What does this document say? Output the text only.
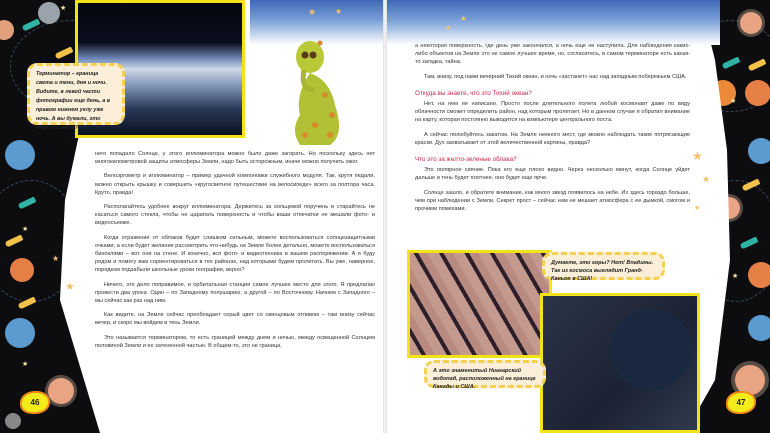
★
★
★
★
★
★ ★
★
★
★
★
★
★
★
Терминатор – граница света и тени, дня и ночи. Видите, в левой части фотографии еще день, а в правом нижнем углу уже ночь. А вы думали, это дефект кадра?

него попадало Солнце, у этого иллюминатора можно было даже загорать. Но поскольку здесь нет многокилометровой защиты атмосферы Земли, надо быть осторожным, иначе можно получить ожог.

Велоэргометр и иллюминатор – пример удачной компоновки служебного модуля. Так, крутя педали, можно открыть крышку и совершить «кругосветное путешествие на велосипеде» всего за полтора часа. Круто, правда!

Располагайтесь удобнее вокруг иллюминатора. Держитесь за кольцевой поручень и старайтесь не касаться самого стекла, чтобы не царапать поверхность и чтобы ваши отпечатки не мешали фото- и видеосъемке.

Когда отражение от облаков будет слишком сильным, можете воспользоваться солнцезащитными очками, а если будет желание рассмотреть что-нибудь на Земле более детально, можете воспользоваться биноклями – вот они на стене. И конечно, вся фото- и видеотехника в вашем распоряжении. А я буду рядом и помогу вам сориентироваться в тех районах, над которыми будем пролетать. Вы уже, наверное, порядком подзабыли школьные уроки географии, верно?

Ничего, это дело поправимое, и орбитальная станция самое лучшее место для этого. Я предлагаю провести два урока. Один – по Западному полушарию, а другой – по Восточному. Начнем с Западного – мы сейчас как раз над ним.

Как видите, на Земле сейчас преобладает серый цвет со свинцовым отливом – там внизу сейчас вечер, и скоро мы войдем в тень Земли.

Это называется терминатором, то есть границей между днем и ночью, между освещенной Солнцем половиной Земли и ее затененной частью. В общем-то, это не граница,

а некоторая поверхность, где день уже закончился, а ночь еще не наступила. Для наблюдения каких-либо объектов на Земле это не самое лучшее время, но, согласитесь, в самом терминаторе есть какая-то загадка, тайна.

Там, внизу, под нами вечерний Тихий океан, и ночь «застанет» нас над западным побережьем США.

Откуда вы знаете, что это Тихий океан?

Нет, на нем не написано. Просто после длительного полета любой космонавт даже по виду облачности сможет определить район, над которым пролетает. Но в данном случае я обратил внимание на карту, которая постоянно выводится на компьютере центрального поста.

А сейчас полюбуйтесь закатом. На Земле немного мест, где можно наблюдать такие потрясающие краски. Дух захватывает от этой величественной картины, правда?

Что это за желто-зеленые облака?

Это полярное сияние. Пока его еще плохо видно. Через несколько минут, когда Солнце уйдет дальше и тень будет плотнее, оно будет еще ярче.

Солнце зашло, и обратите внимание, как много звезд появилось на небе. Их здесь гораздо больше, чем при наблюдении с Земли. Секрет прост – сейчас нам не мешает атмосфера с ее дымкой, смогом и прочими помехами.

Думаете, это горы? Нет! Впадины. Так из космоса выглядит Гранд-Каньон в США!
А это знаменитый Ниагарский водопад, расположенный на границе Канады и США.
46	47
